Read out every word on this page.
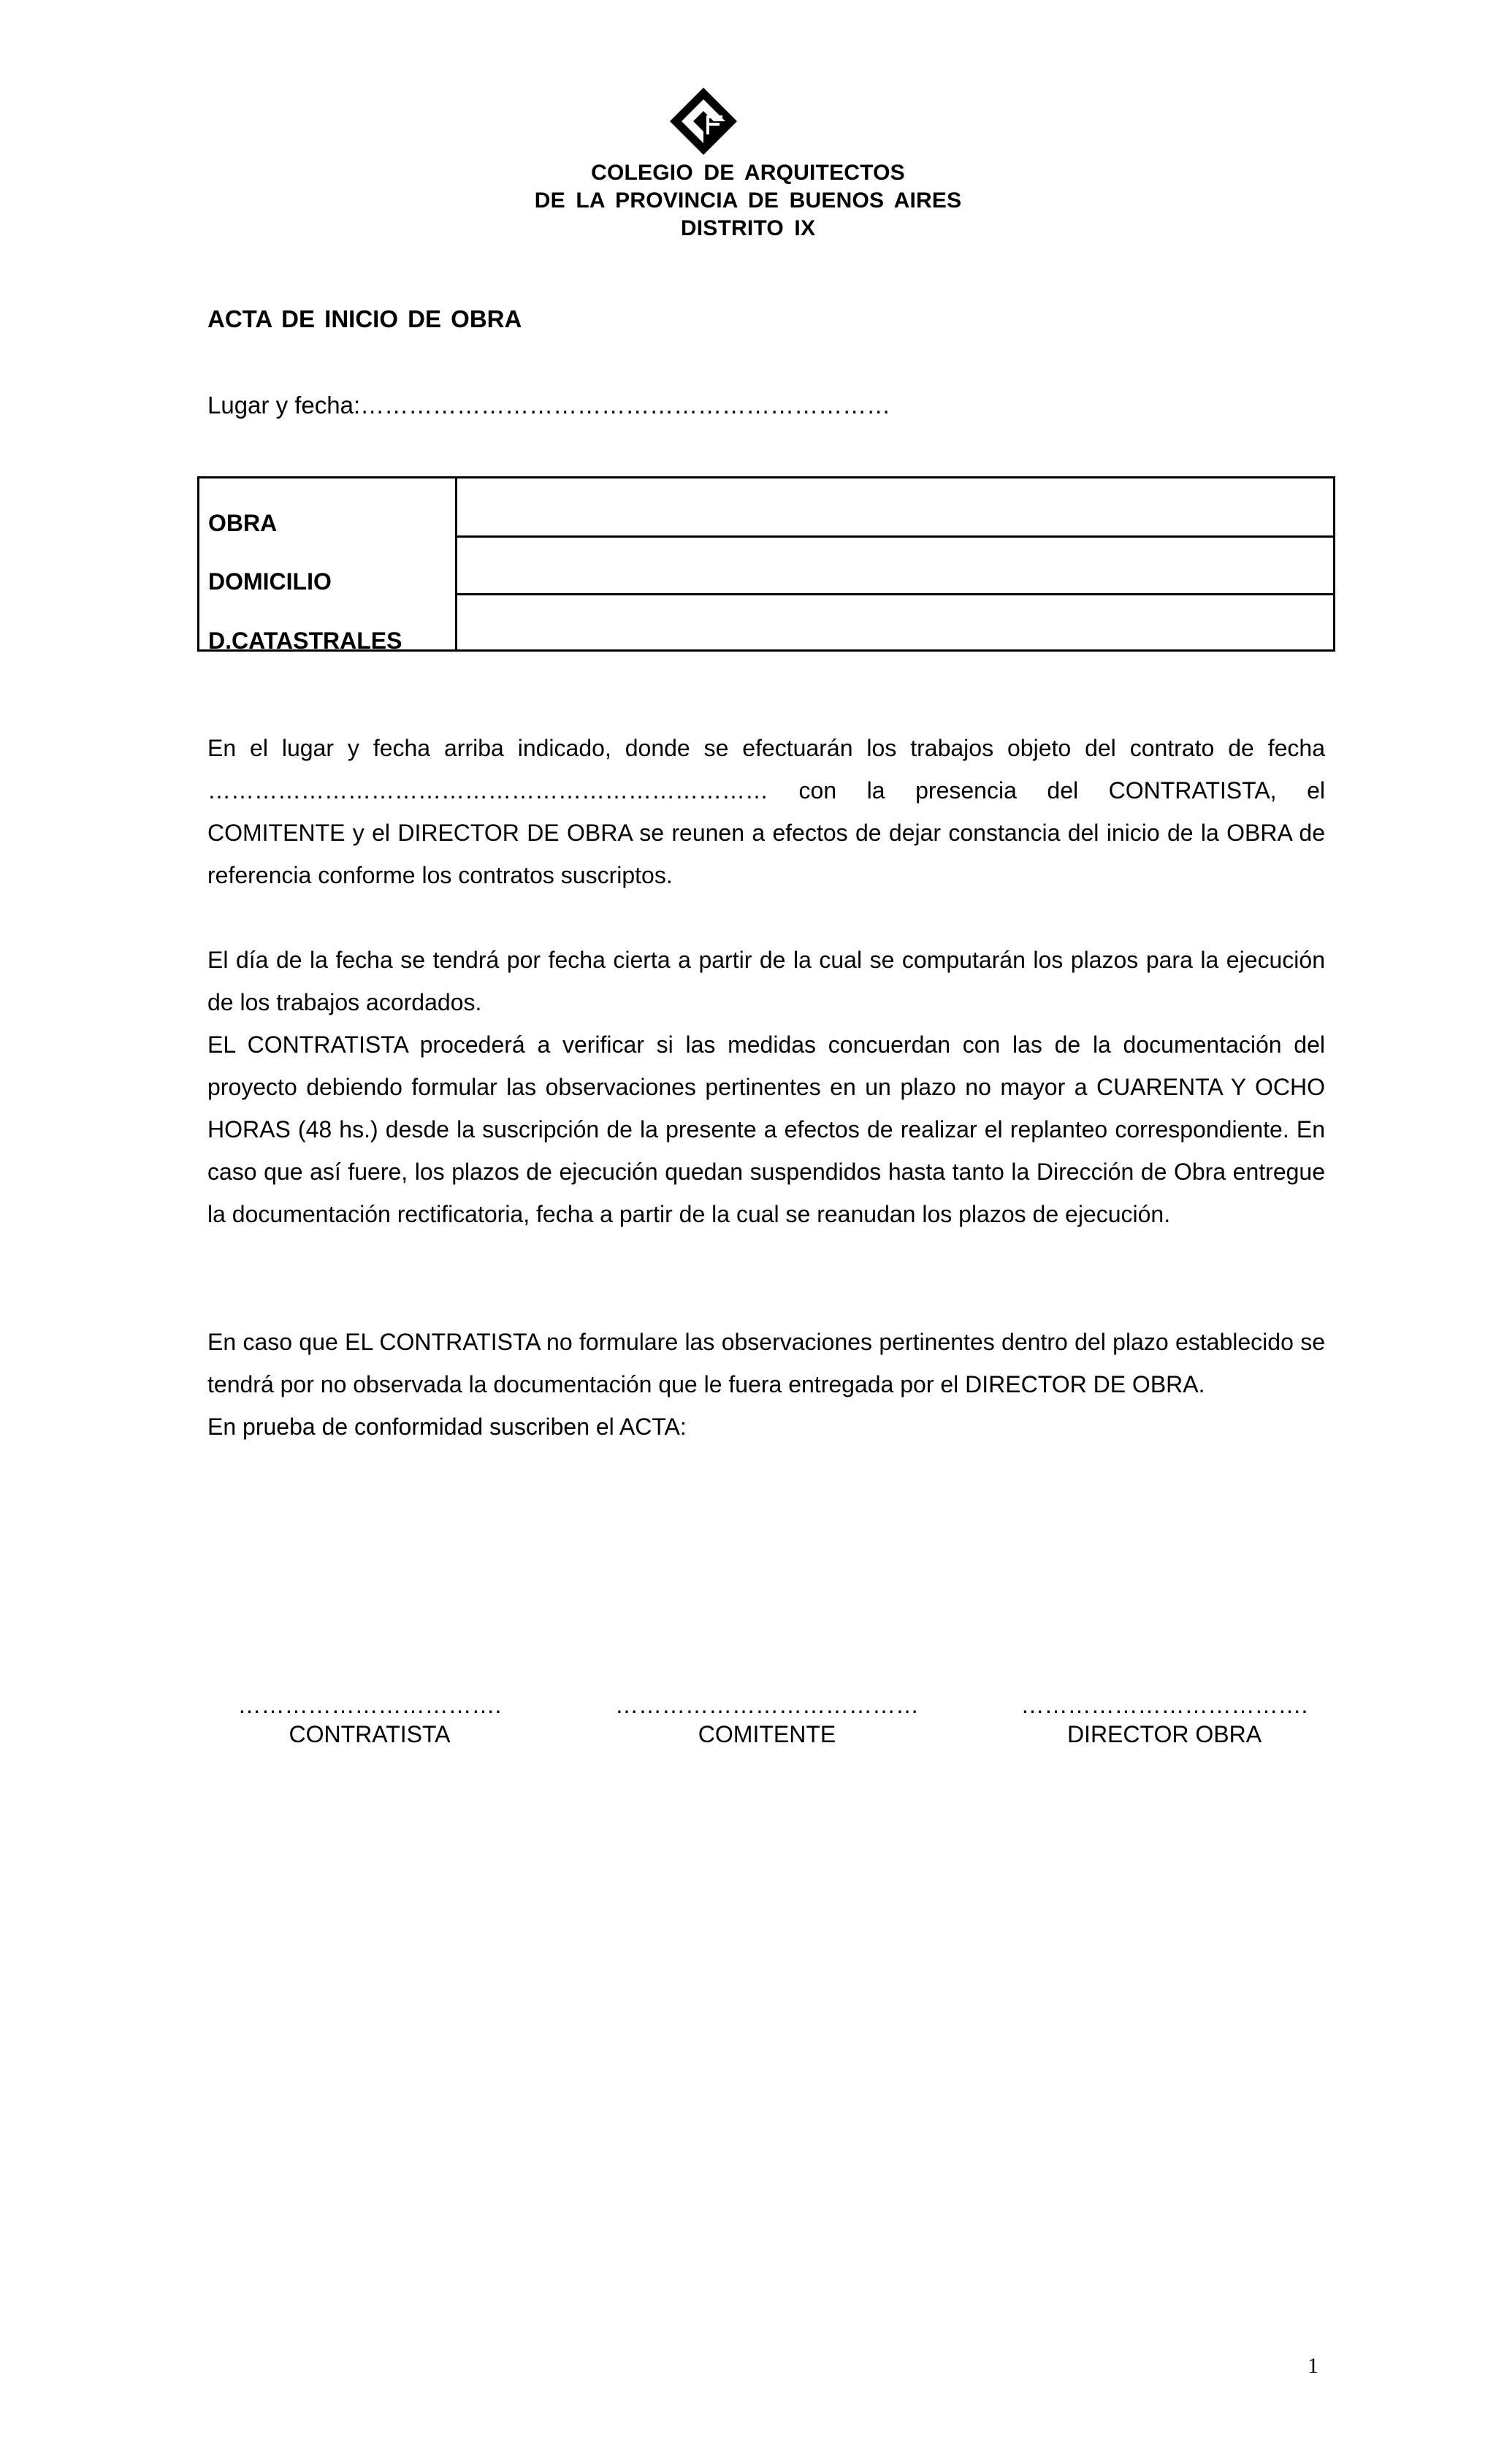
COLEGIO DE ARQUITECTOS
DE LA PROVINCIA DE BUENOS AIRES
DISTRITO IX
ACTA DE INICIO DE OBRA
Lugar y fecha:…………………………………………………………
OBRA
DOMICILIO
D.CATASTRALES
En el lugar y fecha arriba indicado, donde se efectuarán los trabajos objeto del contrato de fecha ……………………………………………………………… con la presencia del CONTRATISTA, el COMITENTE y el DIRECTOR DE OBRA se reunen a efectos de dejar constancia del inicio de la OBRA de referencia conforme los contratos suscriptos.
El día de la fecha se tendrá por fecha cierta a partir de la cual se computarán los plazos para la ejecución de los trabajos acordados.
EL CONTRATISTA procederá a verificar si las medidas concuerdan con las de la documentación del proyecto debiendo formular las observaciones pertinentes en un plazo no mayor a CUARENTA Y OCHO HORAS (48 hs.) desde la suscripción de la presente a efectos de realizar el replanteo correspondiente. En caso que así fuere, los plazos de ejecución quedan suspendidos hasta tanto la Dirección de Obra entregue la documentación rectificatoria, fecha a partir de la cual se reanudan los plazos de ejecución.
En caso que EL CONTRATISTA no formulare las observaciones pertinentes dentro del plazo establecido se tendrá por no observada la documentación que le fuera entregada por el DIRECTOR DE OBRA.
En prueba de conformidad suscriben el ACTA:
…………………………….
CONTRATISTA
…………………………………
COMITENTE
……………………………….
DIRECTOR OBRA
1
